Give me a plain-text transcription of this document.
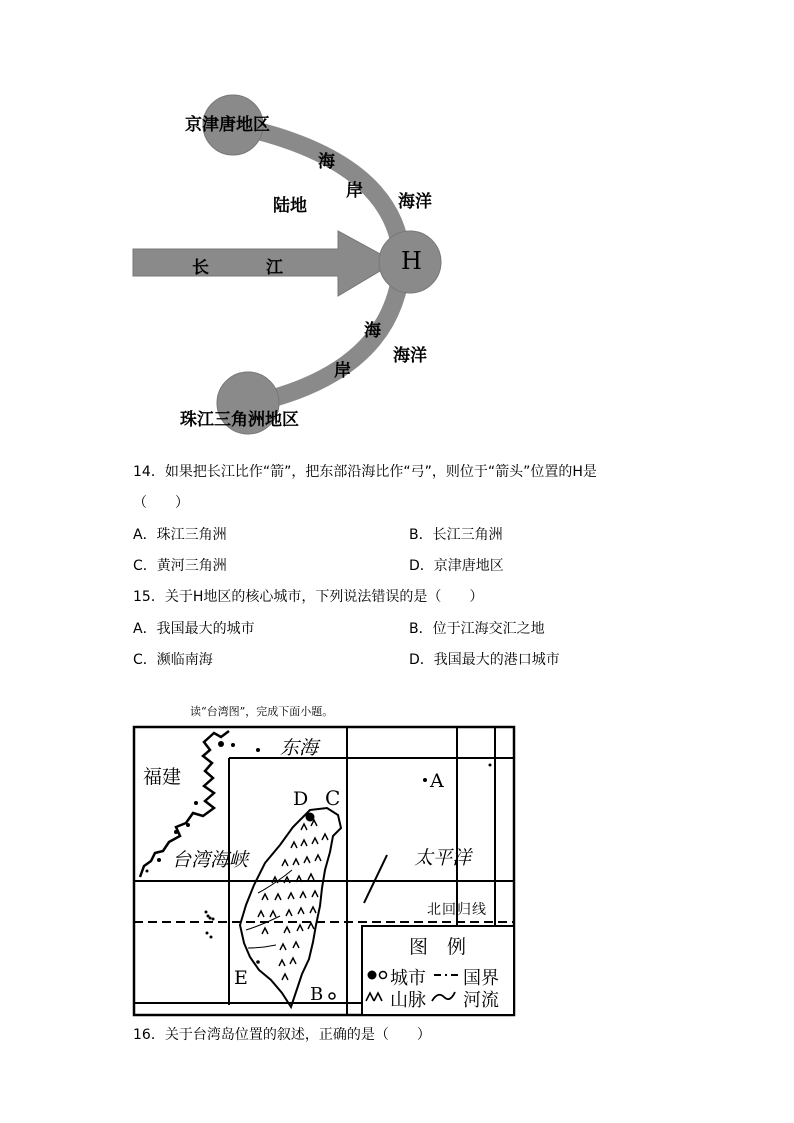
京津唐地区
海
岸
海洋
陆地
长	江	H
海
海洋
岸
珠江三角洲地区
14．如果把长江比作“箭”，把东部沿海比作“弓”，则位于“箭头”位置的H是
（　　）
A．珠江三角洲	B．长江三角洲
C．黄河三角洲	D．京津唐地区
15．关于H地区的核心城市，下列说法错误的是（　　）
A．我国最大的城市	B．位于江海交汇之地
C．濒临南海	D．我国最大的港口城市
读“台湾图”，完成下面小题。
东海
福建
台湾海峡	太平洋
北回归线
A
D C
E
B
图　例
城市 国界
山脉 河流
16．关于台湾岛位置的叙述，正确的是（　　）
